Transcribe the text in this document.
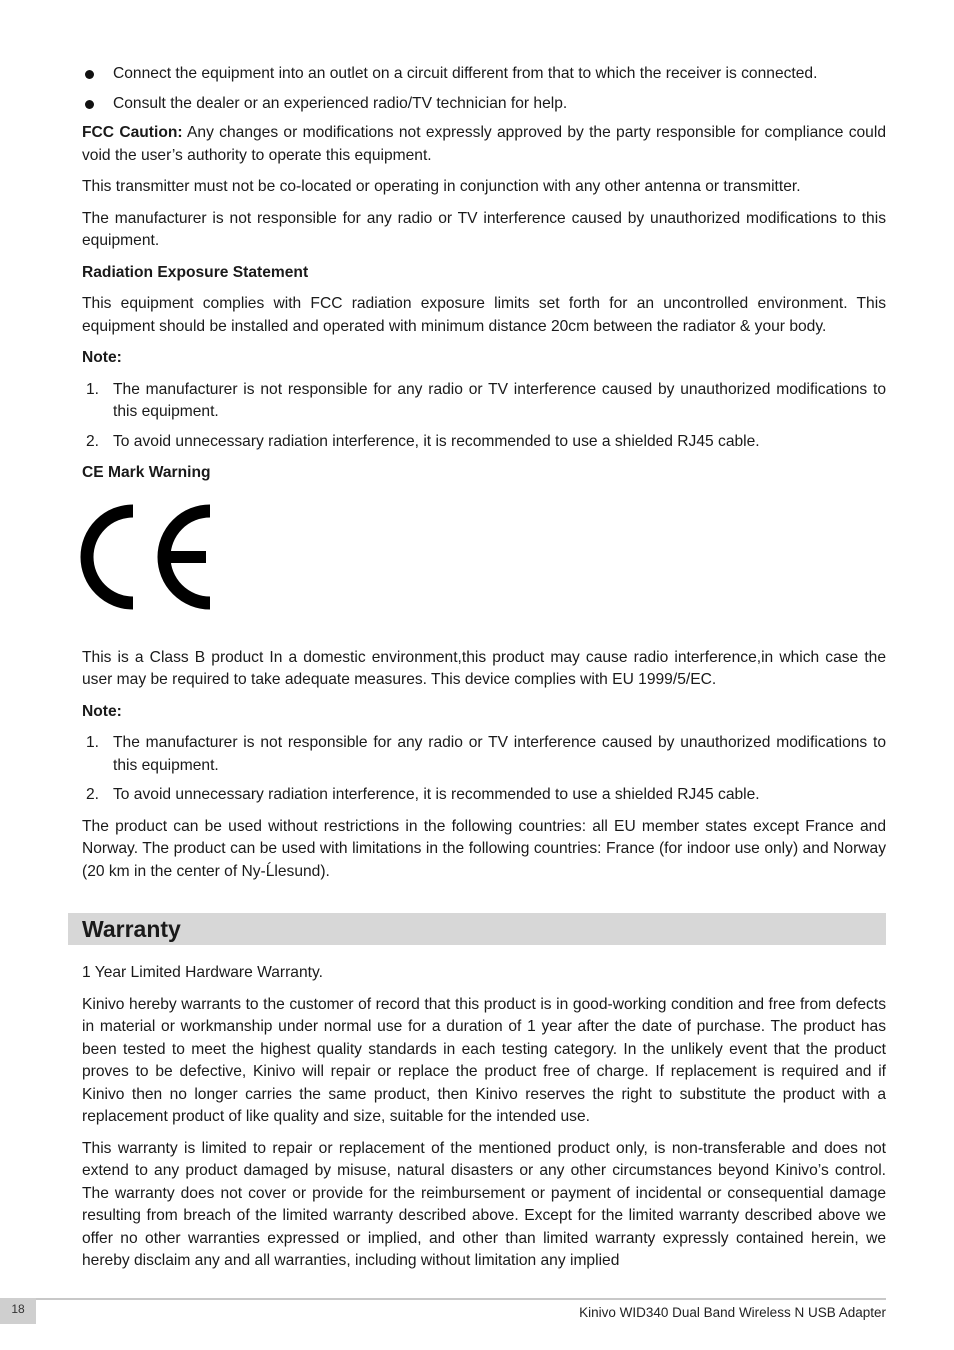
Connect the equipment into an outlet on a circuit different from that to which the receiver is connected.
Consult the dealer or an experienced radio/TV technician for help.

FCC Caution: Any changes or modifications not expressly approved by the party responsible for compliance could void the user’s authority to operate this equipment.

This transmitter must not be co-located or operating in conjunction with any other antenna or transmitter.

The manufacturer is not responsible for any radio or TV interference caused by unauthorized modifications to this equipment.

Radiation Exposure Statement

This equipment complies with FCC radiation exposure limits set forth for an uncontrolled environment. This equipment should be installed and operated with minimum distance 20cm between the radiator & your body.

Note:
1. The manufacturer is not responsible for any radio or TV interference caused by unauthorized modifications to this equipment.
2. To avoid unnecessary radiation interference, it is recommended to use a shielded RJ45 cable.
CE Mark Warning

This is a Class B product In a domestic environment,this product may cause radio interference,in which case the user may be required to take adequate measures. This device complies with EU 1999/5/EC.

Note:
1. The manufacturer is not responsible for any radio or TV interference caused by unauthorized modifications to this equipment.
2. To avoid unnecessary radiation interference, it is recommended to use a shielded RJ45 cable.

The product can be used without restrictions in the following countries: all EU member states except France and Norway. The product can be used with limitations in the following countries: France (for indoor use only) and Norway (20 km in the center of Ny-Ĺlesund).

Warranty

1 Year Limited Hardware Warranty.

Kinivo hereby warrants to the customer of record that this product is in good-working condition and free from defects in material or workmanship under normal use for a duration of 1 year after the date of purchase. The product has been tested to meet the highest quality standards in each testing category. In the unlikely event that the product proves to be defective, Kinivo will repair or replace the product free of charge. If replacement is required and if Kinivo then no longer carries the same product, then Kinivo reserves the right to substitute the product with a replacement product of like quality and size, suitable for the intended use.

This warranty is limited to repair or replacement of the mentioned product only, is non-transferable and does not extend to any product damaged by misuse, natural disasters or any other circumstances beyond Kinivo’s control. The warranty does not cover or provide for the reimbursement or payment of incidental or consequential damage resulting from breach of the limited warranty described above. Except for the limited warranty described above we offer no other warranties expressed or implied, and other than limited warranty expressly contained herein, we hereby disclaim any and all warranties, including without limitation any implied

18	Kinivo WID340 Dual Band Wireless N USB Adapter
